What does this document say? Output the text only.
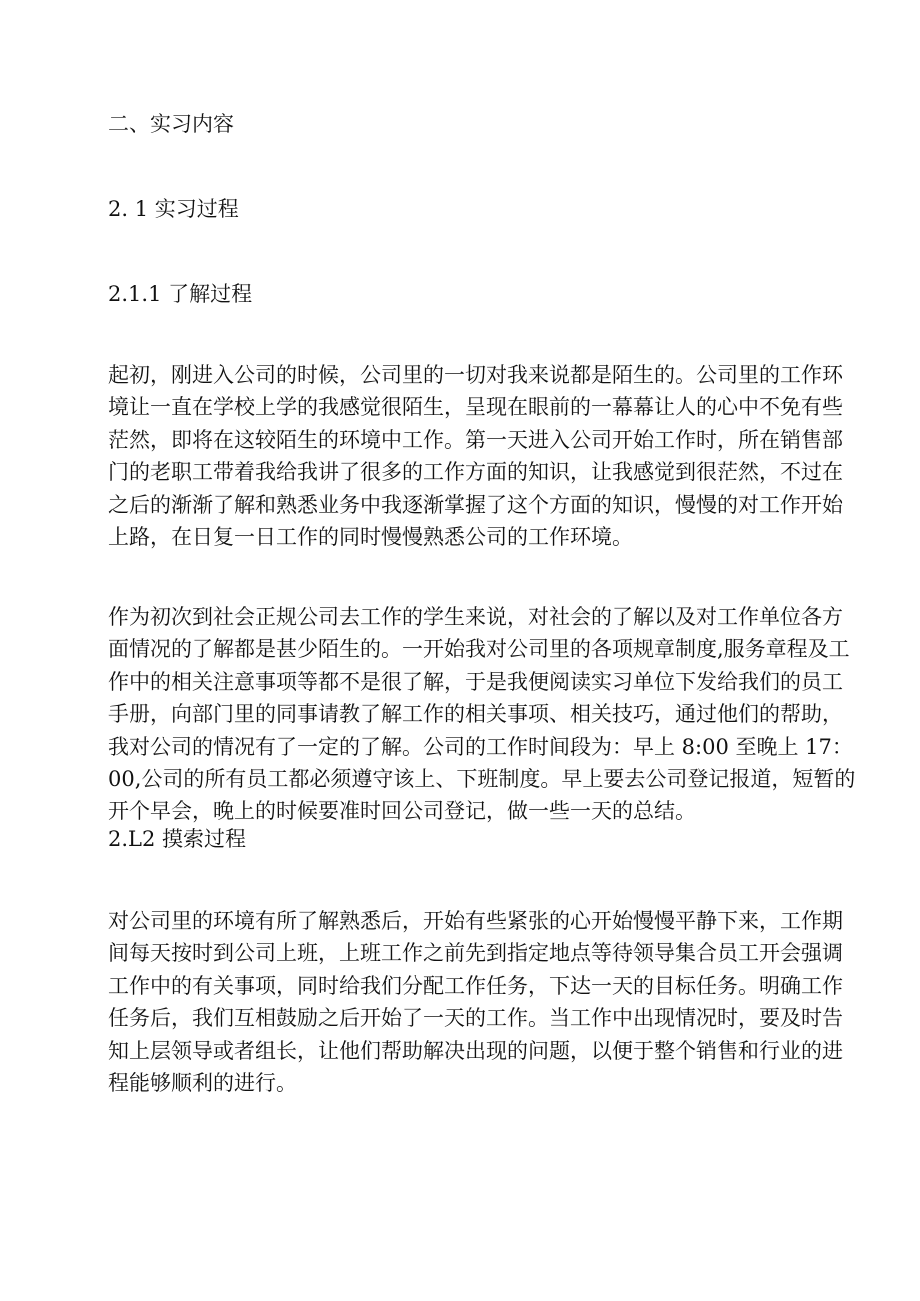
二、实习内容
2. 1 实习过程
2.1.1 了解过程
起初，刚进入公司的时候，公司里的一切对我来说都是陌生的。公司里的工作环
境让一直在学校上学的我感觉很陌生，呈现在眼前的一幕幕让人的心中不免有些
茫然，即将在这较陌生的环境中工作。第一天进入公司开始工作时，所在销售部
门的老职工带着我给我讲了很多的工作方面的知识，让我感觉到很茫然，不过在
之后的渐渐了解和熟悉业务中我逐渐掌握了这个方面的知识，慢慢的对工作开始
上路，在日复一日工作的同时慢慢熟悉公司的工作环境。
作为初次到社会正规公司去工作的学生来说，对社会的了解以及对工作单位各方
面情况的了解都是甚少陌生的。一开始我对公司里的各项规章制度,服务章程及工
作中的相关注意事项等都不是很了解，于是我便阅读实习单位下发给我们的员工
手册，向部门里的同事请教了解工作的相关事项、相关技巧，通过他们的帮助，
我对公司的情况有了一定的了解。公司的工作时间段为：早上 8:00 至晚上 17：
00,公司的所有员工都必须遵守该上、下班制度。早上要去公司登记报道，短暂的
开个早会，晚上的时候要准时回公司登记，做一些一天的总结。
2.L2 摸索过程
对公司里的环境有所了解熟悉后，开始有些紧张的心开始慢慢平静下来，工作期
间每天按时到公司上班，上班工作之前先到指定地点等待领导集合员工开会强调
工作中的有关事项，同时给我们分配工作任务，下达一天的目标任务。明确工作
任务后，我们互相鼓励之后开始了一天的工作。当工作中出现情况时，要及时告
知上层领导或者组长，让他们帮助解决出现的问题，以便于整个销售和行业的进
程能够顺利的进行。
